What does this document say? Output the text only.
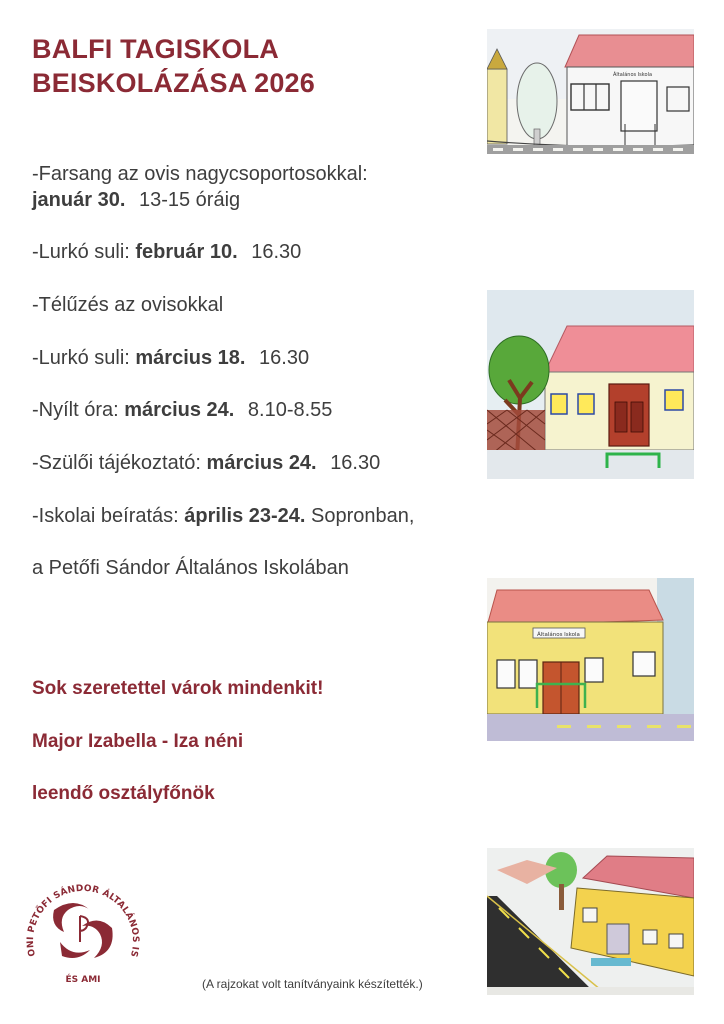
BALFI TAGISKOLA
BEISKOLÁZÁSA 2026
-Farsang az ovis nagycsoportosokkal:
január 30. 13-15 óráig
-Lurkó suli: február 10. 16.30
-Télűzés az ovisokkal
-Lurkó suli: március 18. 16.30
-Nyílt óra: március 24. 8.10-8.55
-Szülői tájékoztató: március 24. 16.30
-Iskolai beíratás: április 23-24. Sopronban,
a Petőfi Sándor Általános Iskolában
Sok szeretettel várok mindenkit!
Major Izabella - Iza néni
leendő osztályfőnök
Általános Iskola
Általános Iskola
ONI PETŐFI SÁNDOR ÁLTALÁNOS IS
ÉS AMI	(A rajzokat volt tanítványaink készítették.)
